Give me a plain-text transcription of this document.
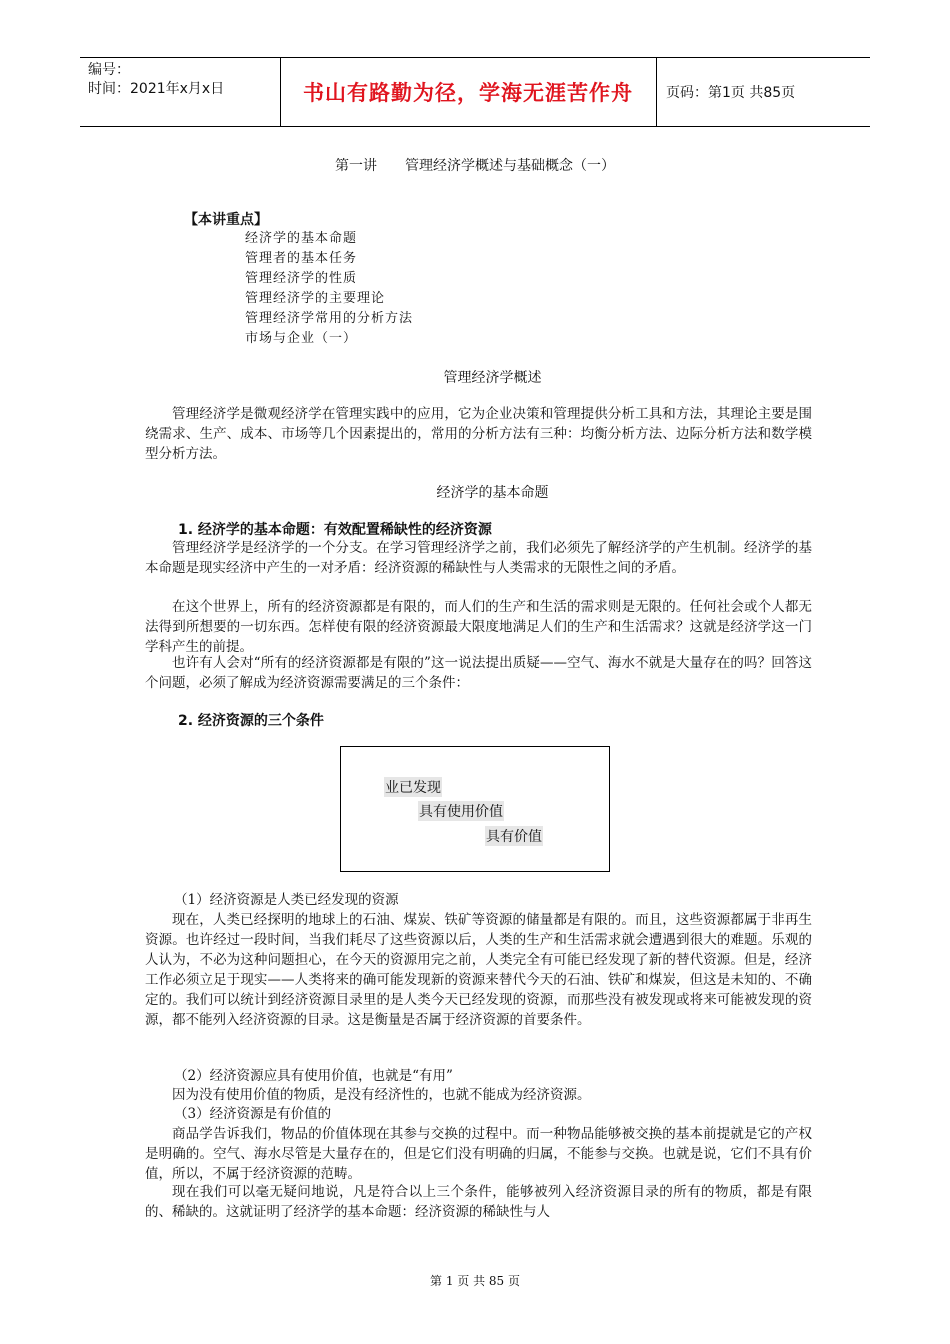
编号：
时间：2021年x月x日	书山有路勤为径，学海无涯苦作舟	页码：第1页 共85页
第一讲 管理经济学概述与基础概念（一）
【本讲重点】
经济学的基本命题
管理者的基本任务
管理经济学的性质
管理经济学的主要理论
管理经济学常用的分析方法
市场与企业（一）
管理经济学概述

管理经济学是微观经济学在管理实践中的应用，它为企业决策和管理提供分析工具和方法，其理论主要是围绕需求、生产、成本、市场等几个因素提出的，常用的分析方法有三种：均衡分析方法、边际分析方法和数学模型分析方法。

经济学的基本命题
1. 经济学的基本命题：有效配置稀缺性的经济资源

管理经济学是经济学的一个分支。在学习管理经济学之前，我们必须先了解经济学的产生机制。经济学的基本命题是现实经济中产生的一对矛盾：经济资源的稀缺性与人类需求的无限性之间的矛盾。

在这个世界上，所有的经济资源都是有限的，而人们的生产和生活的需求则是无限的。任何社会或个人都无法得到所想要的一切东西。怎样使有限的经济资源最大限度地满足人们的生产和生活需求？这就是经济学这一门学科产生的前提。

也许有人会对“所有的经济资源都是有限的”这一说法提出质疑——空气、海水不就是大量存在的吗？回答这个问题，必须了解成为经济资源需要满足的三个条件：

2. 经济资源的三个条件
业已发现
具有使用价值
具有价值

（1）经济资源是人类已经发现的资源

现在，人类已经探明的地球上的石油、煤炭、铁矿等资源的储量都是有限的。而且，这些资源都属于非再生资源。也许经过一段时间，当我们耗尽了这些资源以后，人类的生产和生活需求就会遭遇到很大的难题。乐观的人认为，不必为这种问题担心，在今天的资源用完之前，人类完全有可能已经发现了新的替代资源。但是，经济工作必须立足于现实——人类将来的确可能发现新的资源来替代今天的石油、铁矿和煤炭，但这是未知的、不确定的。我们可以统计到经济资源目录里的是人类今天已经发现的资源，而那些没有被发现或将来可能被发现的资源，都不能列入经济资源的目录。这是衡量是否属于经济资源的首要条件。

（2）经济资源应具有使用价值，也就是“有用”

因为没有使用价值的物质，是没有经济性的，也就不能成为经济资源。

（3）经济资源是有价值的

商品学告诉我们，物品的价值体现在其参与交换的过程中。而一种物品能够被交换的基本前提就是它的产权是明确的。空气、海水尽管是大量存在的，但是它们没有明确的归属，不能参与交换。也就是说，它们不具有价值，所以，不属于经济资源的范畴。

现在我们可以毫无疑问地说，凡是符合以上三个条件，能够被列入经济资源目录的所有的物质，都是有限的、稀缺的。这就证明了经济学的基本命题：经济资源的稀缺性与人

第 1 页 共 85 页
